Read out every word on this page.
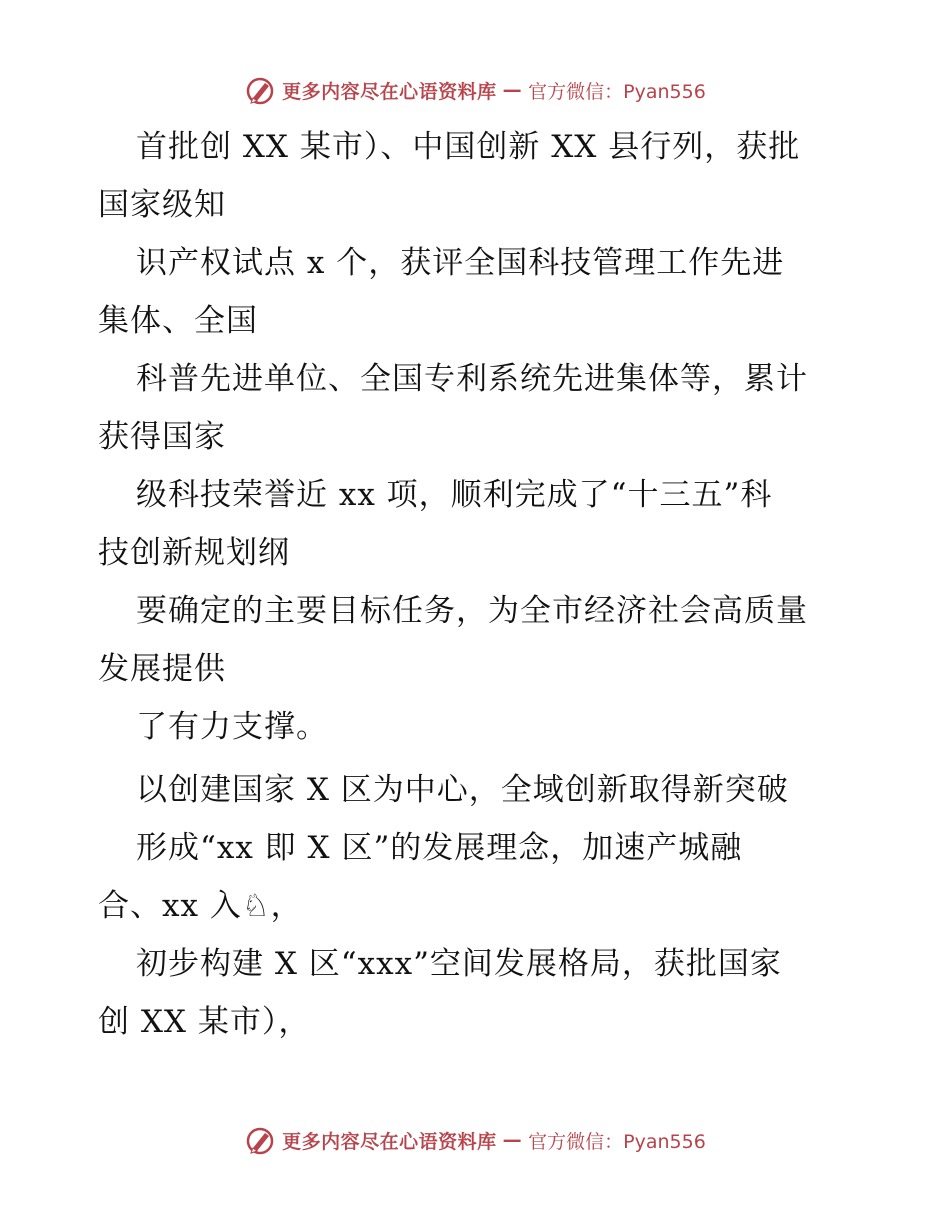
更多内容尽在心语资料库 — 官方微信：Pyan556
首批创 XX 某市）、中国创新 XX 县行列，获批
国家级知
识产权试点 x 个，获评全国科技管理工作先进
集体、全国
科普先进单位、全国专利系统先进集体等，累计
获得国家
级科技荣誉近 xx 项，顺利完成了“十三五”科
技创新规划纲
要确定的主要目标任务，为全市经济社会高质量
发展提供
了有力支撑。
以创建国家 X 区为中心，全域创新取得新突破
形成“xx 即 X 区”的发展理念，加速产城融
合、xx 入♘，
初步构建 X 区“xxx”空间发展格局，获批国家
创 XX 某市），
更多内容尽在心语资料库 — 官方微信：Pyan556
